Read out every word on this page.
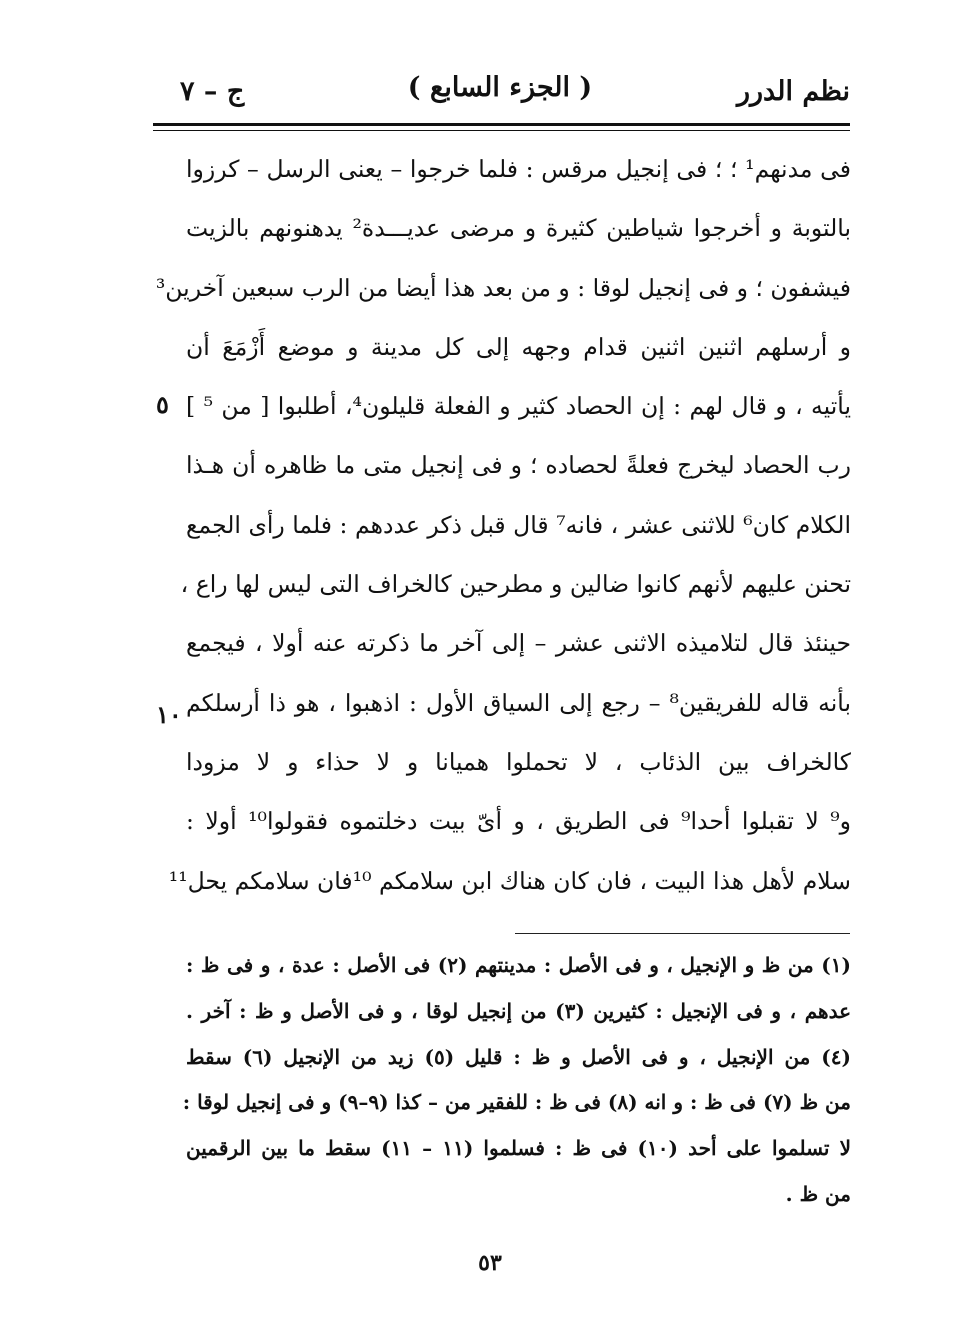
نظم الدرر
( الجزء السابع )
ج – ٧
فى مدنهم¹ ؛ ؛ فى إنجيل مرقس : فلما خرجوا – يعنى الرسل – كرزوا
بالتوبة و أخرجوا شياطين كثيرة و مرضى عديـــدة² يدهنونهم بالزيت
فيشفون ؛ و فى إنجيل لوقا : و من بعد هذا أيضا من الرب سبعين آخرين³
و أرسلهم اثنين اثنين قدام وجهه إلى كل مدينة و موضع أَزْمَعَ أن
يأتيه ، و قال لهم : إن الحصاد كثير و الفعلة قليلون⁴، أطلبوا [ من ⁵ ]
رب الحصاد ليخرج فعلةً لحصاده ؛ و فى إنجيل متى ما ظاهره أن هـذا
الكلام كان⁶ للاثنى عشر ، فانه⁷ قال قبل ذكر عددهم : فلما رأى الجمع
تحنن عليهم لأنهم كانوا ضالين و مطرحين كالخراف التى ليس لها راع ،
حينئذ قال لتلاميذه الاثنى عشر – إلى آخر ما ذكرته عنه أولا ، فيجمع
بأنه قاله للفريقين⁸ – رجع إلى السياق الأول : اذهبوا ، هو ذا أرسلكم
كالخراف بين الذئاب ، لا تحملوا هميانا و لا حذاء و لا مزودا
و⁹ لا تقبلوا أحدا⁹ فى الطريق ، و أىّ بيت دخلتموه فقولوا¹⁰ أولا :
سلام لأهل هذا البيت ، فان كان هناك ابن سلامكم ¹⁰فان سلامكم يحل¹¹
٥
١٠
(١) من ظ و الإنجيل ، و فى الأصل : مدينتهم (٢) فى الأصل : عدة ، و فى ظ :
عدهم ، و فى الإنجيل : كثيرين (٣) من إنجيل لوقا ، و فى الأصل و ظ : آخر .
(٤) من الإنجيل ، و فى الأصل و ظ : قليل (٥) زيد من الإنجيل (٦) سقط
من ظ (٧) فى ظ : و انه (٨) فى ظ : للفقير من – كذا (٩–٩) و فى إنجيل لوقا :
لا تسلموا على أحد (١٠) فى ظ : فسلموا (١١ – ١١) سقط ما بين الرقمين
من ظ .
٥٣
